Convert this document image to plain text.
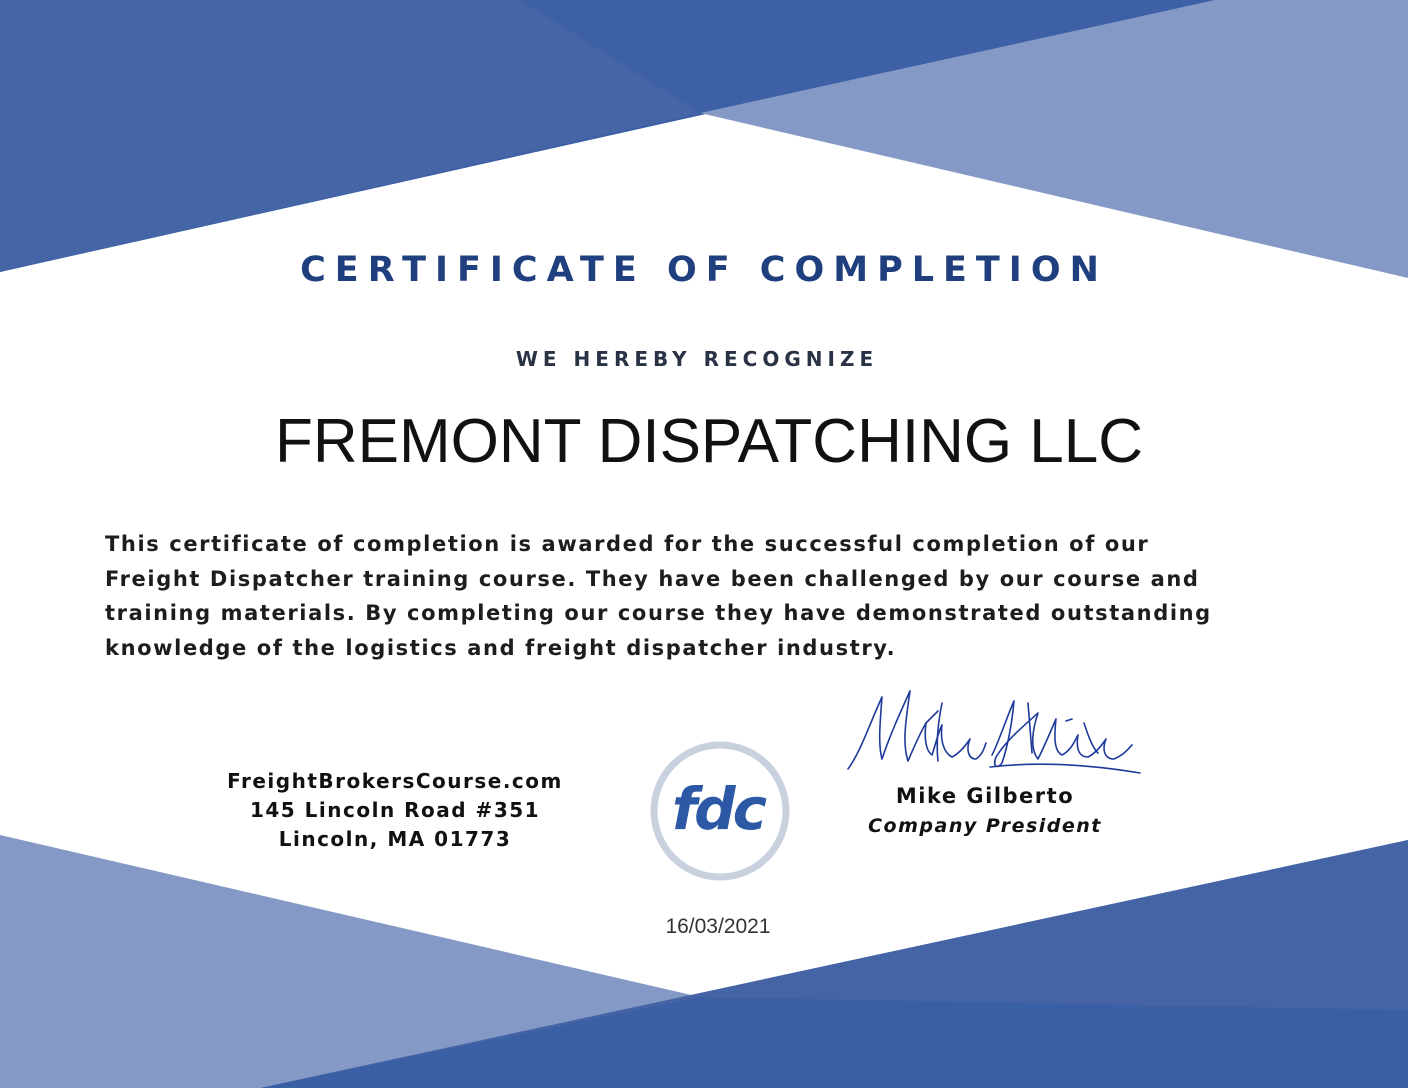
CERTIFICATE OF COMPLETION
WE HEREBY RECOGNIZE
FREMONT DISPATCHING LLC
This certificate of completion is awarded for the successful completion of our
Freight Dispatcher training course. They have been challenged by our course and
training materials. By completing our course they have demonstrated outstanding
knowledge of the logistics and freight dispatcher industry.
FreightBrokersCourse.com
145 Lincoln Road #351
Lincoln, MA 01773	fdc	Mike Gilberto
Company President
16/03/2021
